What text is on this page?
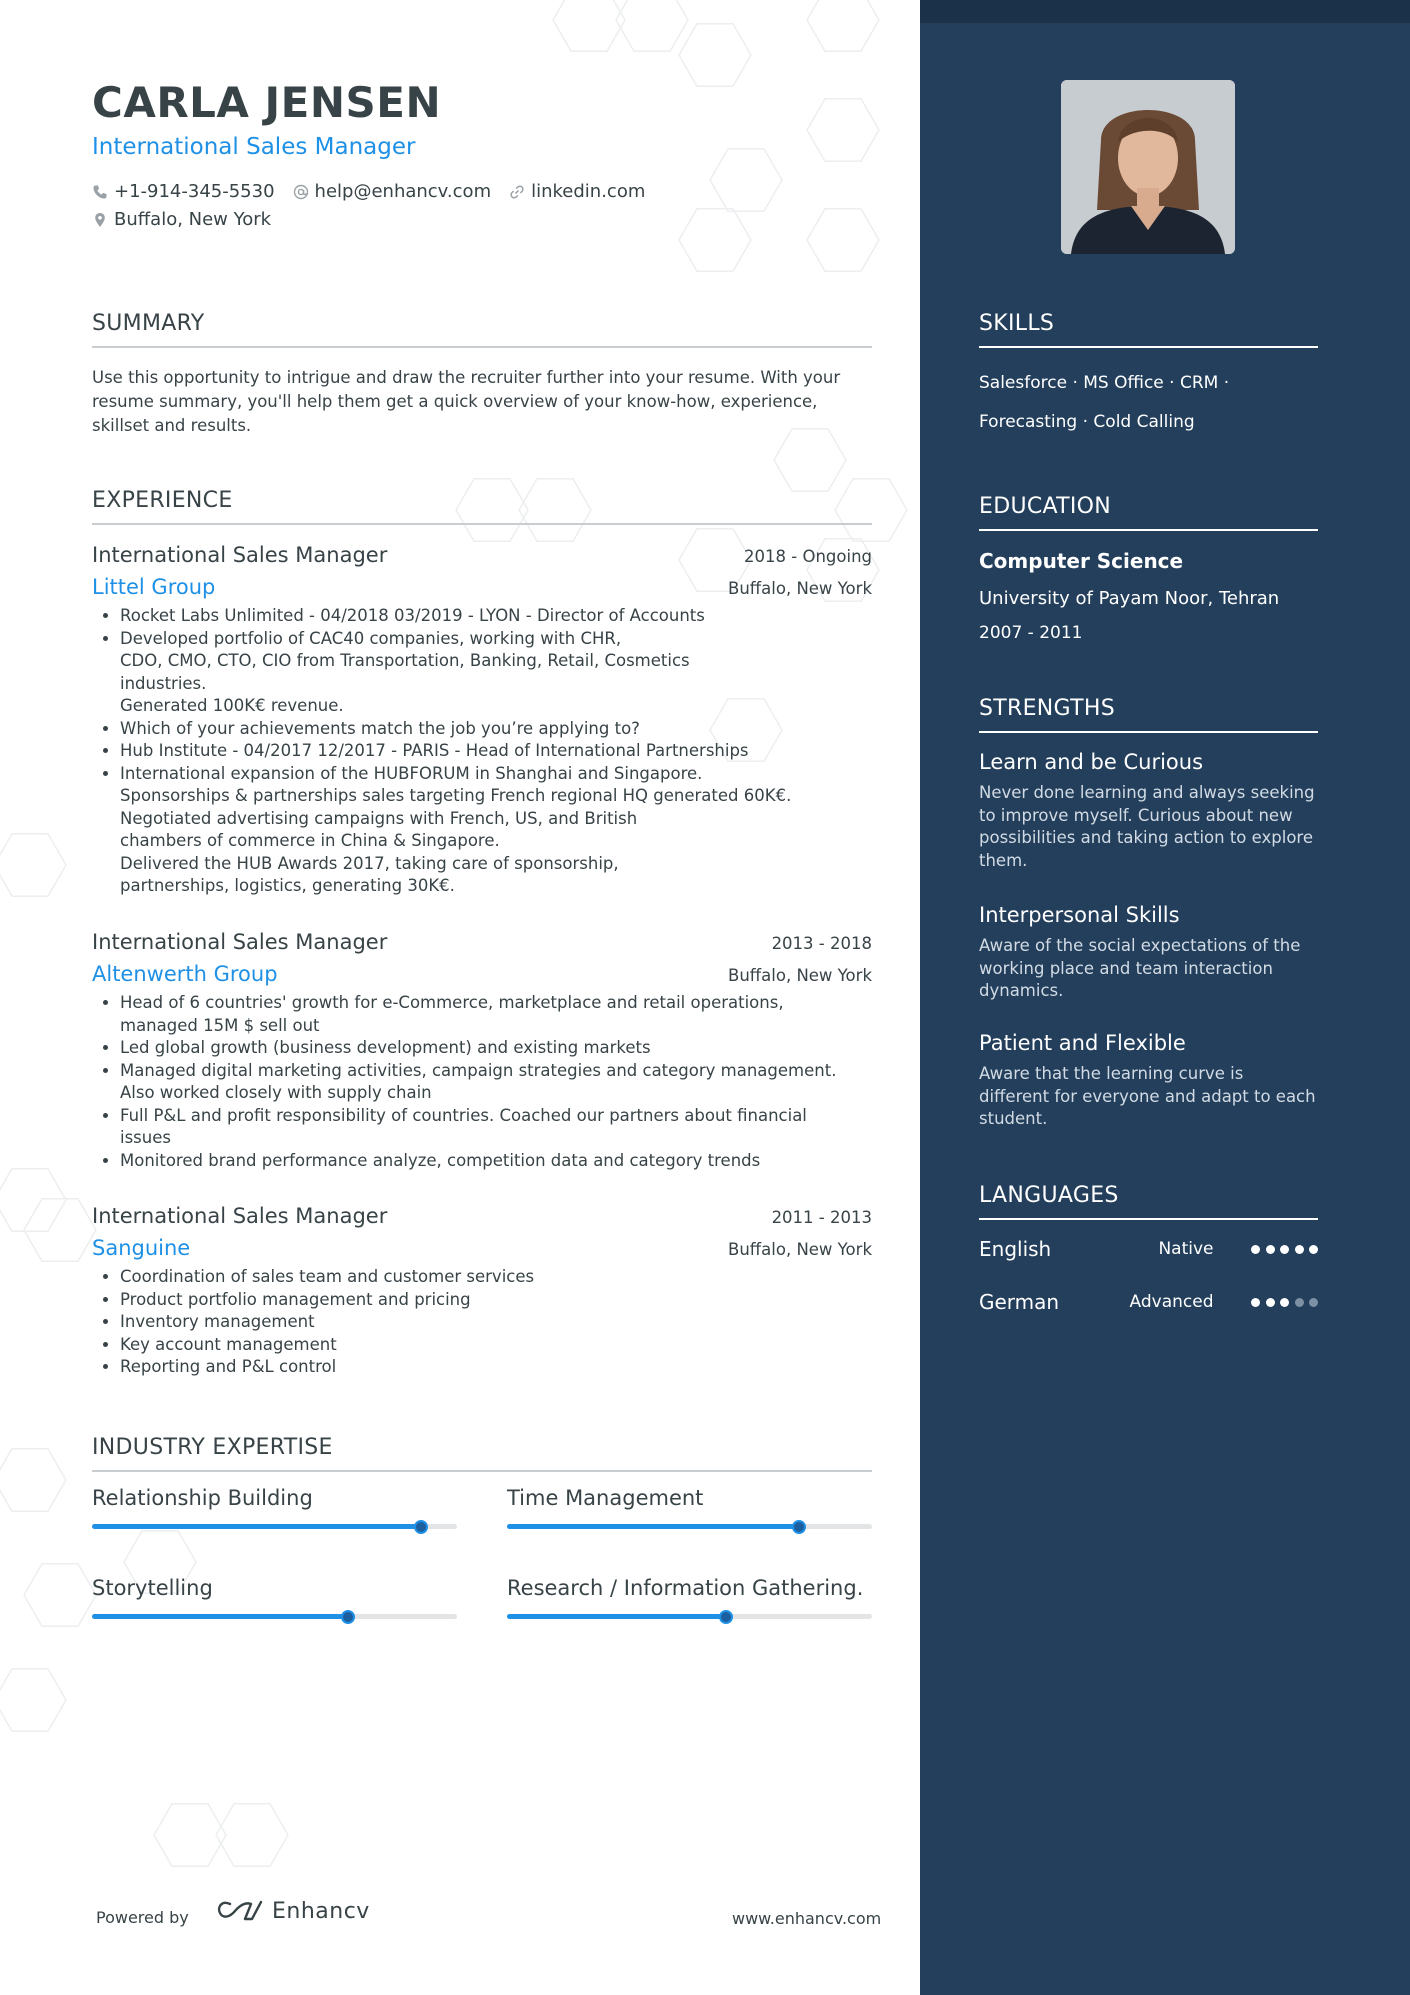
CARLA JENSEN
International Sales Manager
+1-914-345-5530 help@enhancv.com linkedin.com
Buffalo, New York
SUMMARY
Use this opportunity to intrigue and draw the recruiter further into your resume. With your resume summary, you'll help them get a quick overview of your know-how, experience, skillset and results.
EXPERIENCE
International Sales Manager	2018 - Ongoing
Littel Group	Buffalo, New York
• Rocket Labs Unlimited - 04/2018 03/2019 - LYON - Director of Accounts
• Developed portfolio of CAC40 companies, working with CHR,
CDO, CMO, CTO, CIO from Transportation, Banking, Retail, Cosmetics
industries.
Generated 100K€ revenue.
• Which of your achievements match the job you’re applying to?
• Hub Institute - 04/2017 12/2017 - PARIS - Head of International Partnerships
• International expansion of the HUBFORUM in Shanghai and Singapore.
Sponsorships & partnerships sales targeting French regional HQ generated 60K€.
Negotiated advertising campaigns with French, US, and British
chambers of commerce in China & Singapore.
Delivered the HUB Awards 2017, taking care of sponsorship,
partnerships, logistics, generating 30K€.
International Sales Manager	2013 - 2018
Altenwerth Group	Buffalo, New York
• Head of 6 countries' growth for e-Commerce, marketplace and retail operations,
managed 15M $ sell out
• Led global growth (business development) and existing markets
• Managed digital marketing activities, campaign strategies and category management.
Also worked closely with supply chain
• Full P&L and profit responsibility of countries. Coached our partners about financial
issues
• Monitored brand performance analyze, competition data and category trends
International Sales Manager	2011 - 2013
Sanguine	Buffalo, New York
• Coordination of sales team and customer services
• Product portfolio management and pricing
• Inventory management
• Key account management
• Reporting and P&L control
INDUSTRY EXPERTISE
Relationship Building	Time Management
Storytelling	Research / Information Gathering.
Powered by	Enhancv	www.enhancv.com
SKILLS
Salesforce · MS Office · CRM ·
Forecasting · Cold Calling
EDUCATION
Computer Science
University of Payam Noor, Tehran
2007 - 2011
STRENGTHS
Learn and be Curious
Never done learning and always seeking to improve myself. Curious about new possibilities and taking action to explore them.
Interpersonal Skills
Aware of the social expectations of the working place and team interaction dynamics.
Patient and Flexible
Aware that the learning curve is different for everyone and adapt to each student.
LANGUAGES
English	Native
German	Advanced
